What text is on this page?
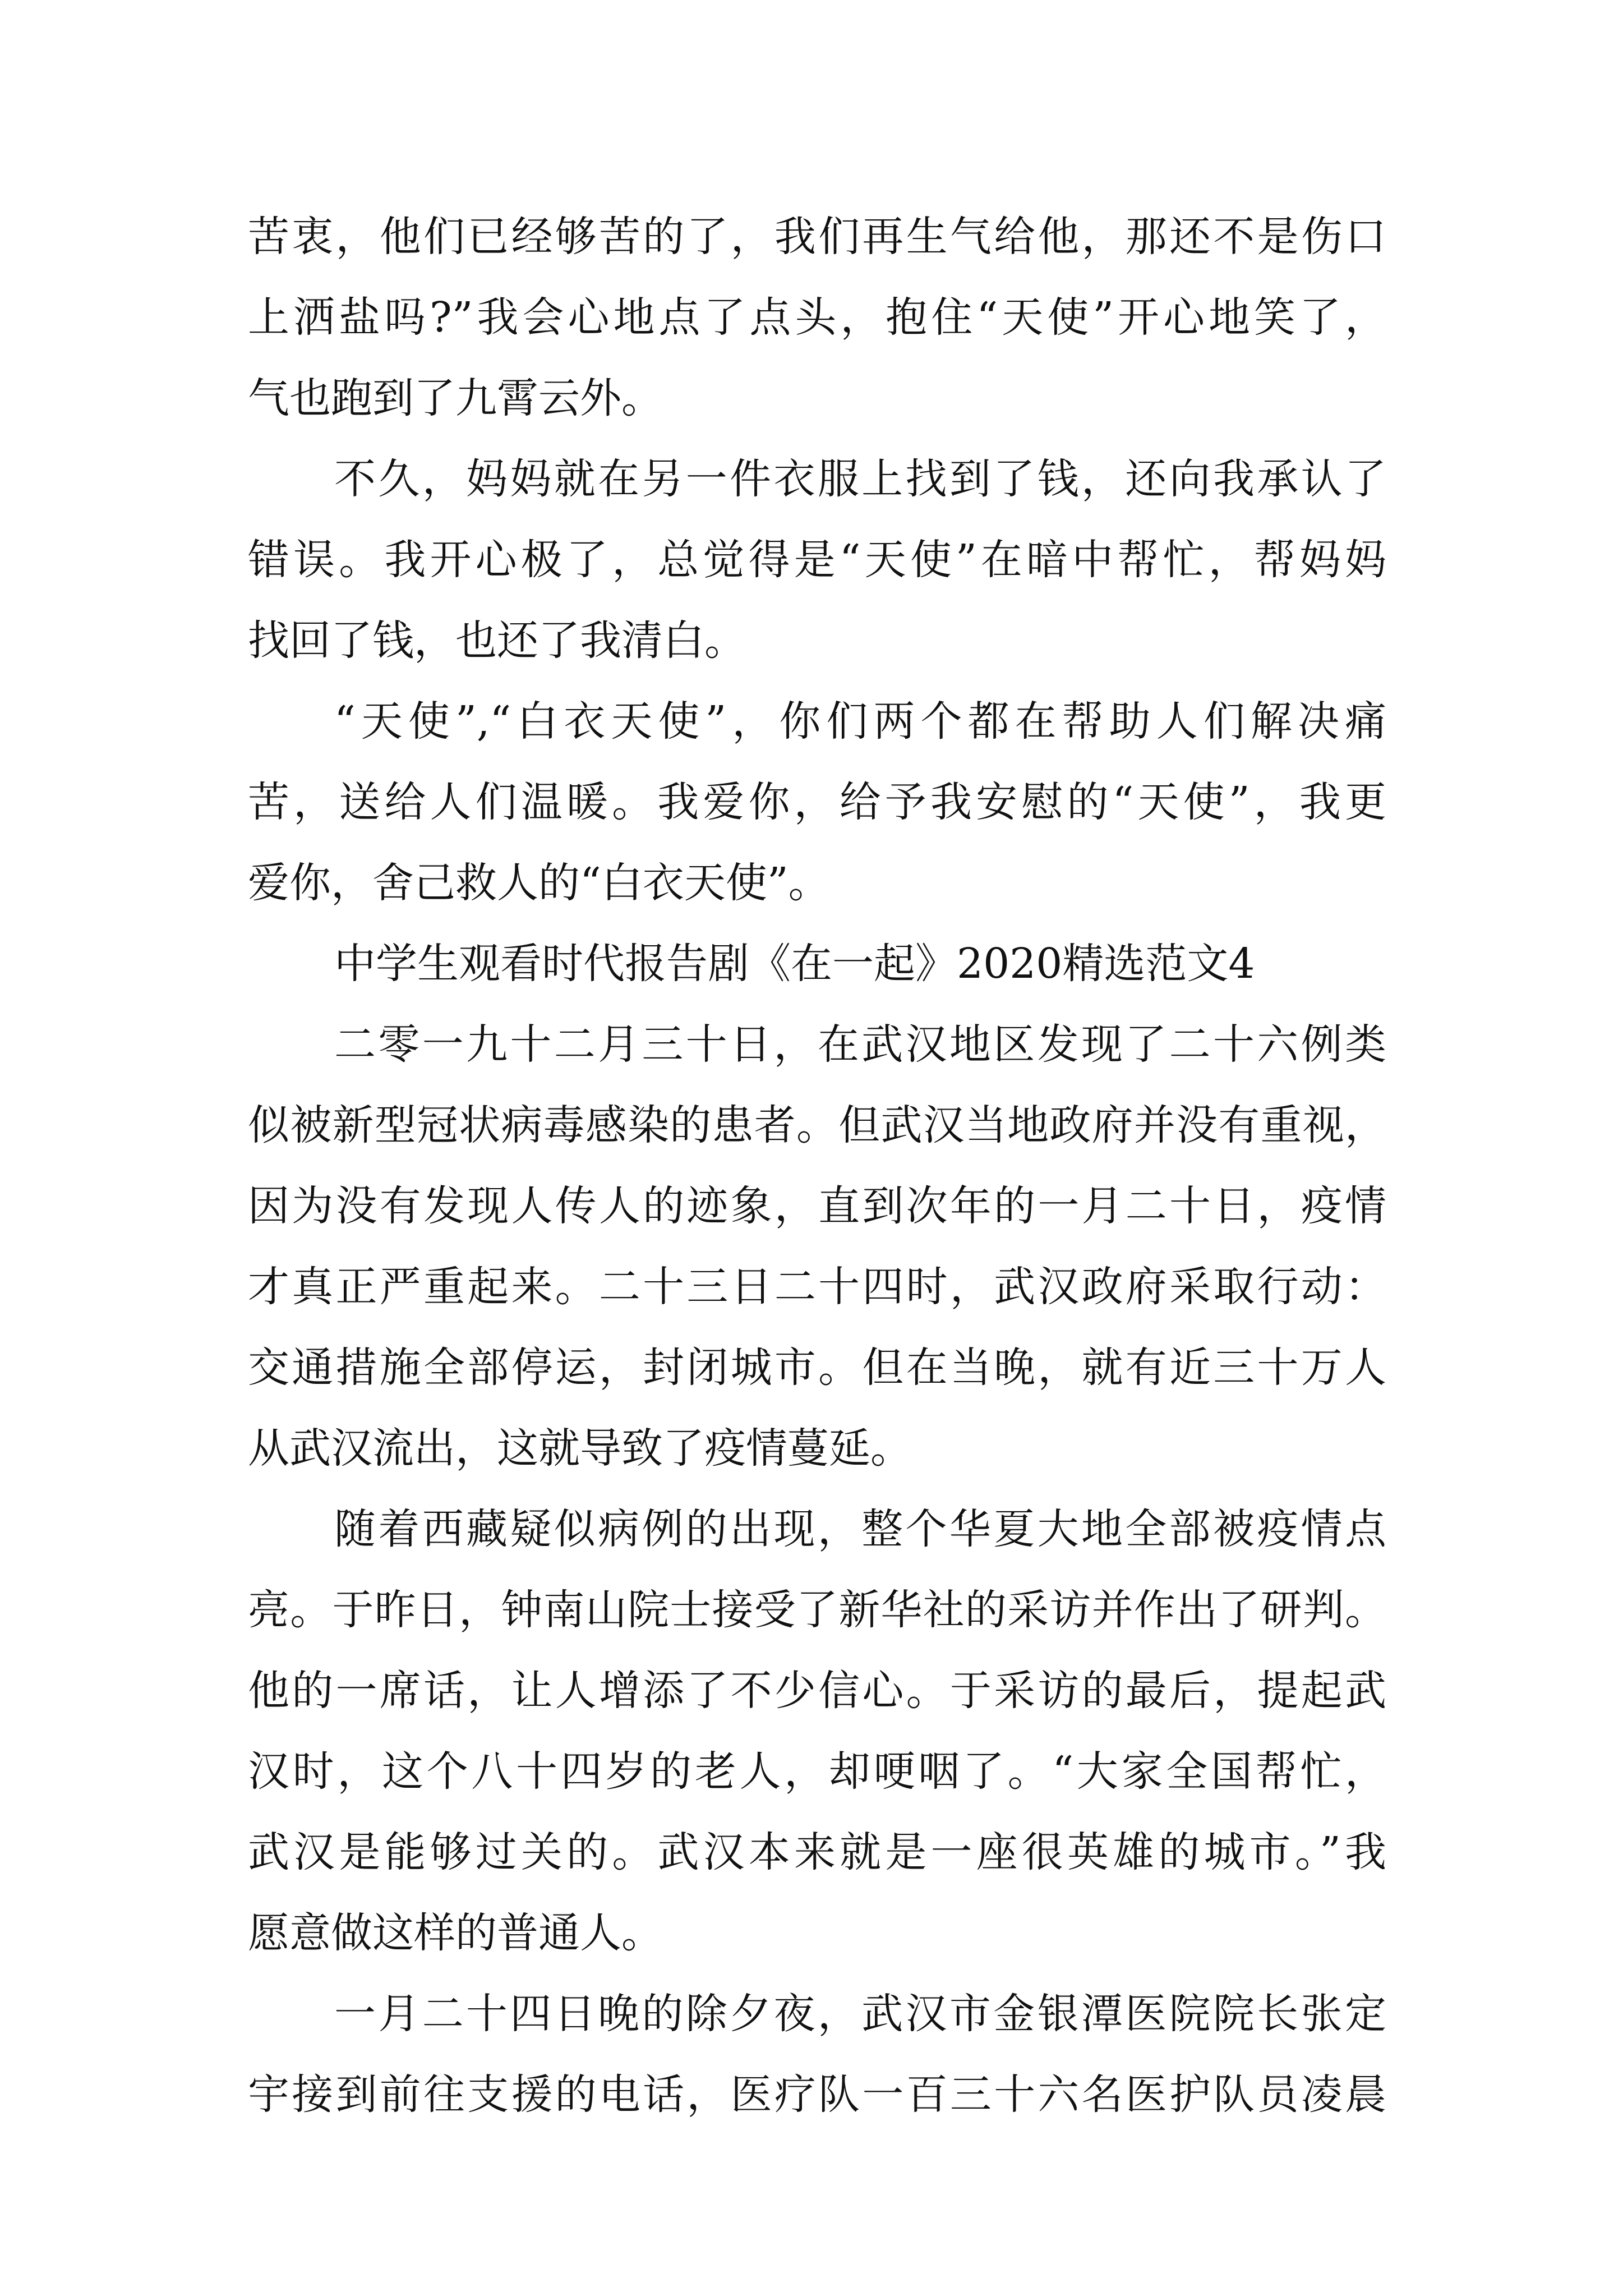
苦衷，他们已经够苦的了，我们再生气给他，那还不是伤口
上洒盐吗?”我会心地点了点头，抱住“天使”开心地笑了，
气也跑到了九霄云外。
不久，妈妈就在另一件衣服上找到了钱，还向我承认了
错误。我开心极了，总觉得是“天使”在暗中帮忙，帮妈妈
找回了钱，也还了我清白。
“天使”,“白衣天使”，你们两个都在帮助人们解决痛
苦，送给人们温暖。我爱你，给予我安慰的“天使”，我更
爱你，舍己救人的“白衣天使”。
中学生观看时代报告剧《在一起》2020精选范文4
二零一九十二月三十日，在武汉地区发现了二十六例类
似被新型冠状病毒感染的患者。但武汉当地政府并没有重视，
因为没有发现人传人的迹象，直到次年的一月二十日，疫情
才真正严重起来。二十三日二十四时，武汉政府采取行动：
交通措施全部停运，封闭城市。但在当晚，就有近三十万人
从武汉流出，这就导致了疫情蔓延。
随着西藏疑似病例的出现，整个华夏大地全部被疫情点
亮。于昨日，钟南山院士接受了新华社的采访并作出了研判。
他的一席话，让人增添了不少信心。于采访的最后，提起武
汉时，这个八十四岁的老人，却哽咽了。“大家全国帮忙，
武汉是能够过关的。武汉本来就是一座很英雄的城市。”我
愿意做这样的普通人。
一月二十四日晚的除夕夜，武汉市金银潭医院院长张定
宇接到前往支援的电话，医疗队一百三十六名医护队员凌晨
